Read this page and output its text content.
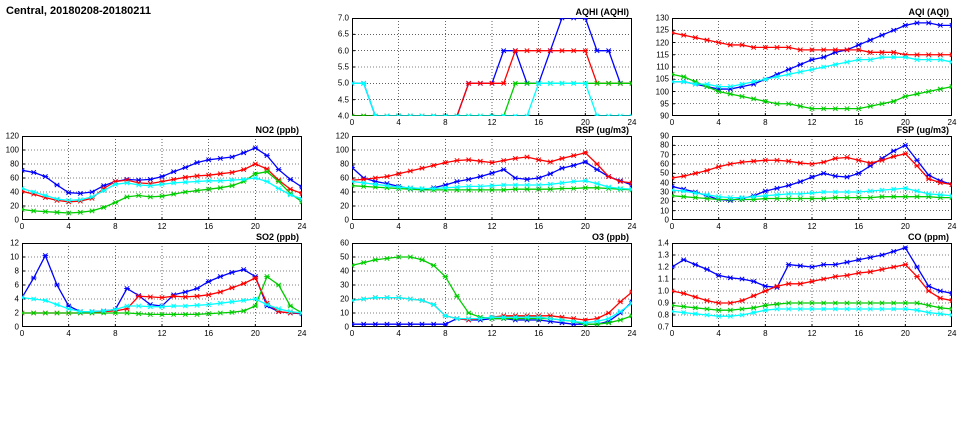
Central, 20180208-20180211	AQHI (AQHI)
0	4	8	12	16	20	24
4.0
4.5
5.0
5.5
6.0
6.5
7.0
AQI (AQI)
0	4	8	12	16	20	24
90
95
100
105
110
115
120
125
130
NO2 (ppb)
0	4	8	12	16	20	24
0
20
40
60
80
100
120
RSP (ug/m3)
0	4	8	12	16	20	24
0
20
40
60
80
100
120
FSP (ug/m3)
0	4	8	12	16	20	24
0
10
20
30
40
50
60
70
80
90
SO2 (ppb)
0	4	8	12	16	20	24
0
2
4
6
8
10
12
O3 (ppb)
0	4	8	12	16	20	24
0
10
20
30
40
50
60
CO (ppm)
0	4	8	12	16	20	24
0.7
0.8
0.9
1.0
1.1
1.2
1.3
1.4
